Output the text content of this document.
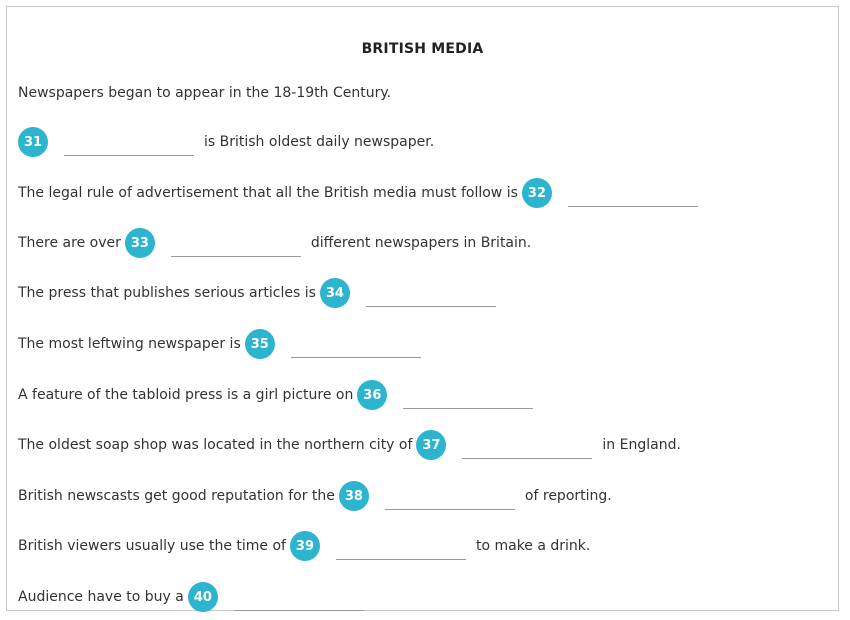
BRITISH MEDIA
Newspapers began to appear in the 18-19th Century.
31	is British oldest daily newspaper.
The legal rule of advertisement that all the British media must follow is 32
There are over 33	different newspapers in Britain.
The press that publishes serious articles is 34
The most leftwing newspaper is 35
A feature of the tabloid press is a girl picture on 36
The oldest soap shop was located in the northern city of 37	in England.
British newscasts get good reputation for the 38	of reporting.
British viewers usually use the time of 39	to make a drink.
Audience have to buy a 40
